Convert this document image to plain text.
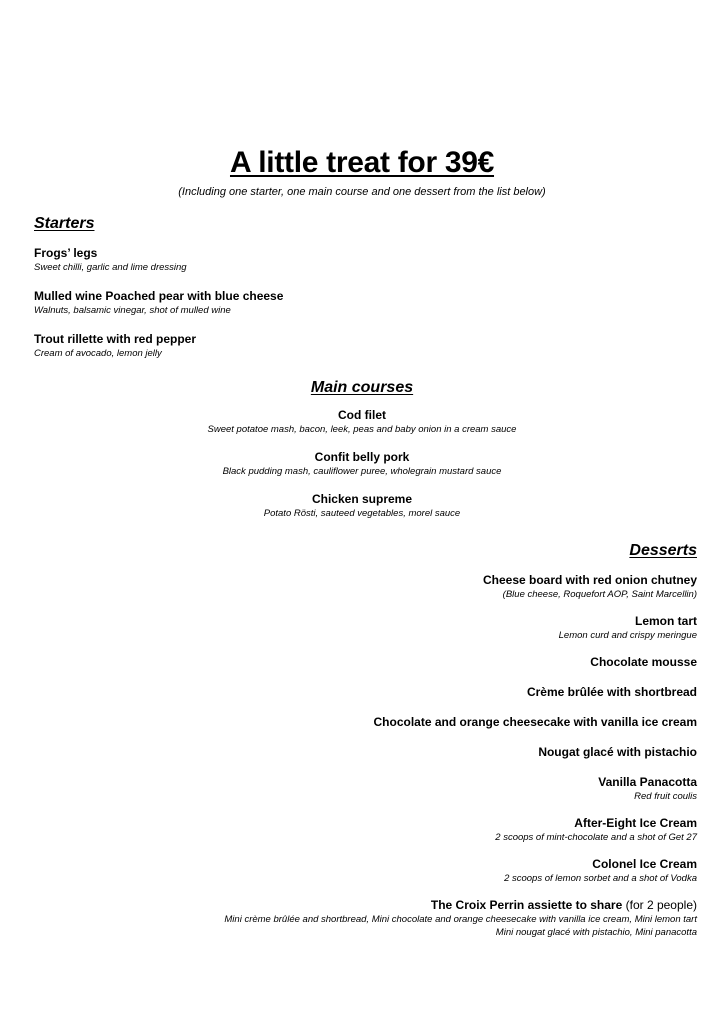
A little treat for 39€
(Including one starter, one main course and one dessert from the list below)
Starters
Frogs’ legs
Sweet chilli, garlic and lime dressing
Mulled wine Poached pear with blue cheese
Walnuts, balsamic vinegar, shot of mulled wine
Trout rillette with red pepper
Cream of avocado, lemon jelly
Main courses
Cod filet
Sweet potatoe mash, bacon, leek, peas and baby onion in a cream sauce
Confit belly pork
Black pudding mash, cauliflower puree, wholegrain mustard sauce
Chicken supreme
Potato Rösti, sauteed vegetables, morel sauce
Desserts
Cheese board with red onion chutney
(Blue cheese, Roquefort AOP, Saint Marcellin)
Lemon tart
Lemon curd and crispy meringue
Chocolate mousse
Crème brûlée with shortbread
Chocolate and orange cheesecake with vanilla ice cream
Nougat glacé with pistachio
Vanilla Panacotta
Red fruit coulis
After-Eight Ice Cream
2 scoops of mint-chocolate and a shot of Get 27
Colonel Ice Cream
2 scoops of lemon sorbet and a shot of Vodka
The Croix Perrin assiette to share (for 2 people)
Mini crème brûlée and shortbread, Mini chocolate and orange cheesecake with vanilla ice cream, Mini lemon tart
Mini nougat glacé with pistachio, Mini panacotta
